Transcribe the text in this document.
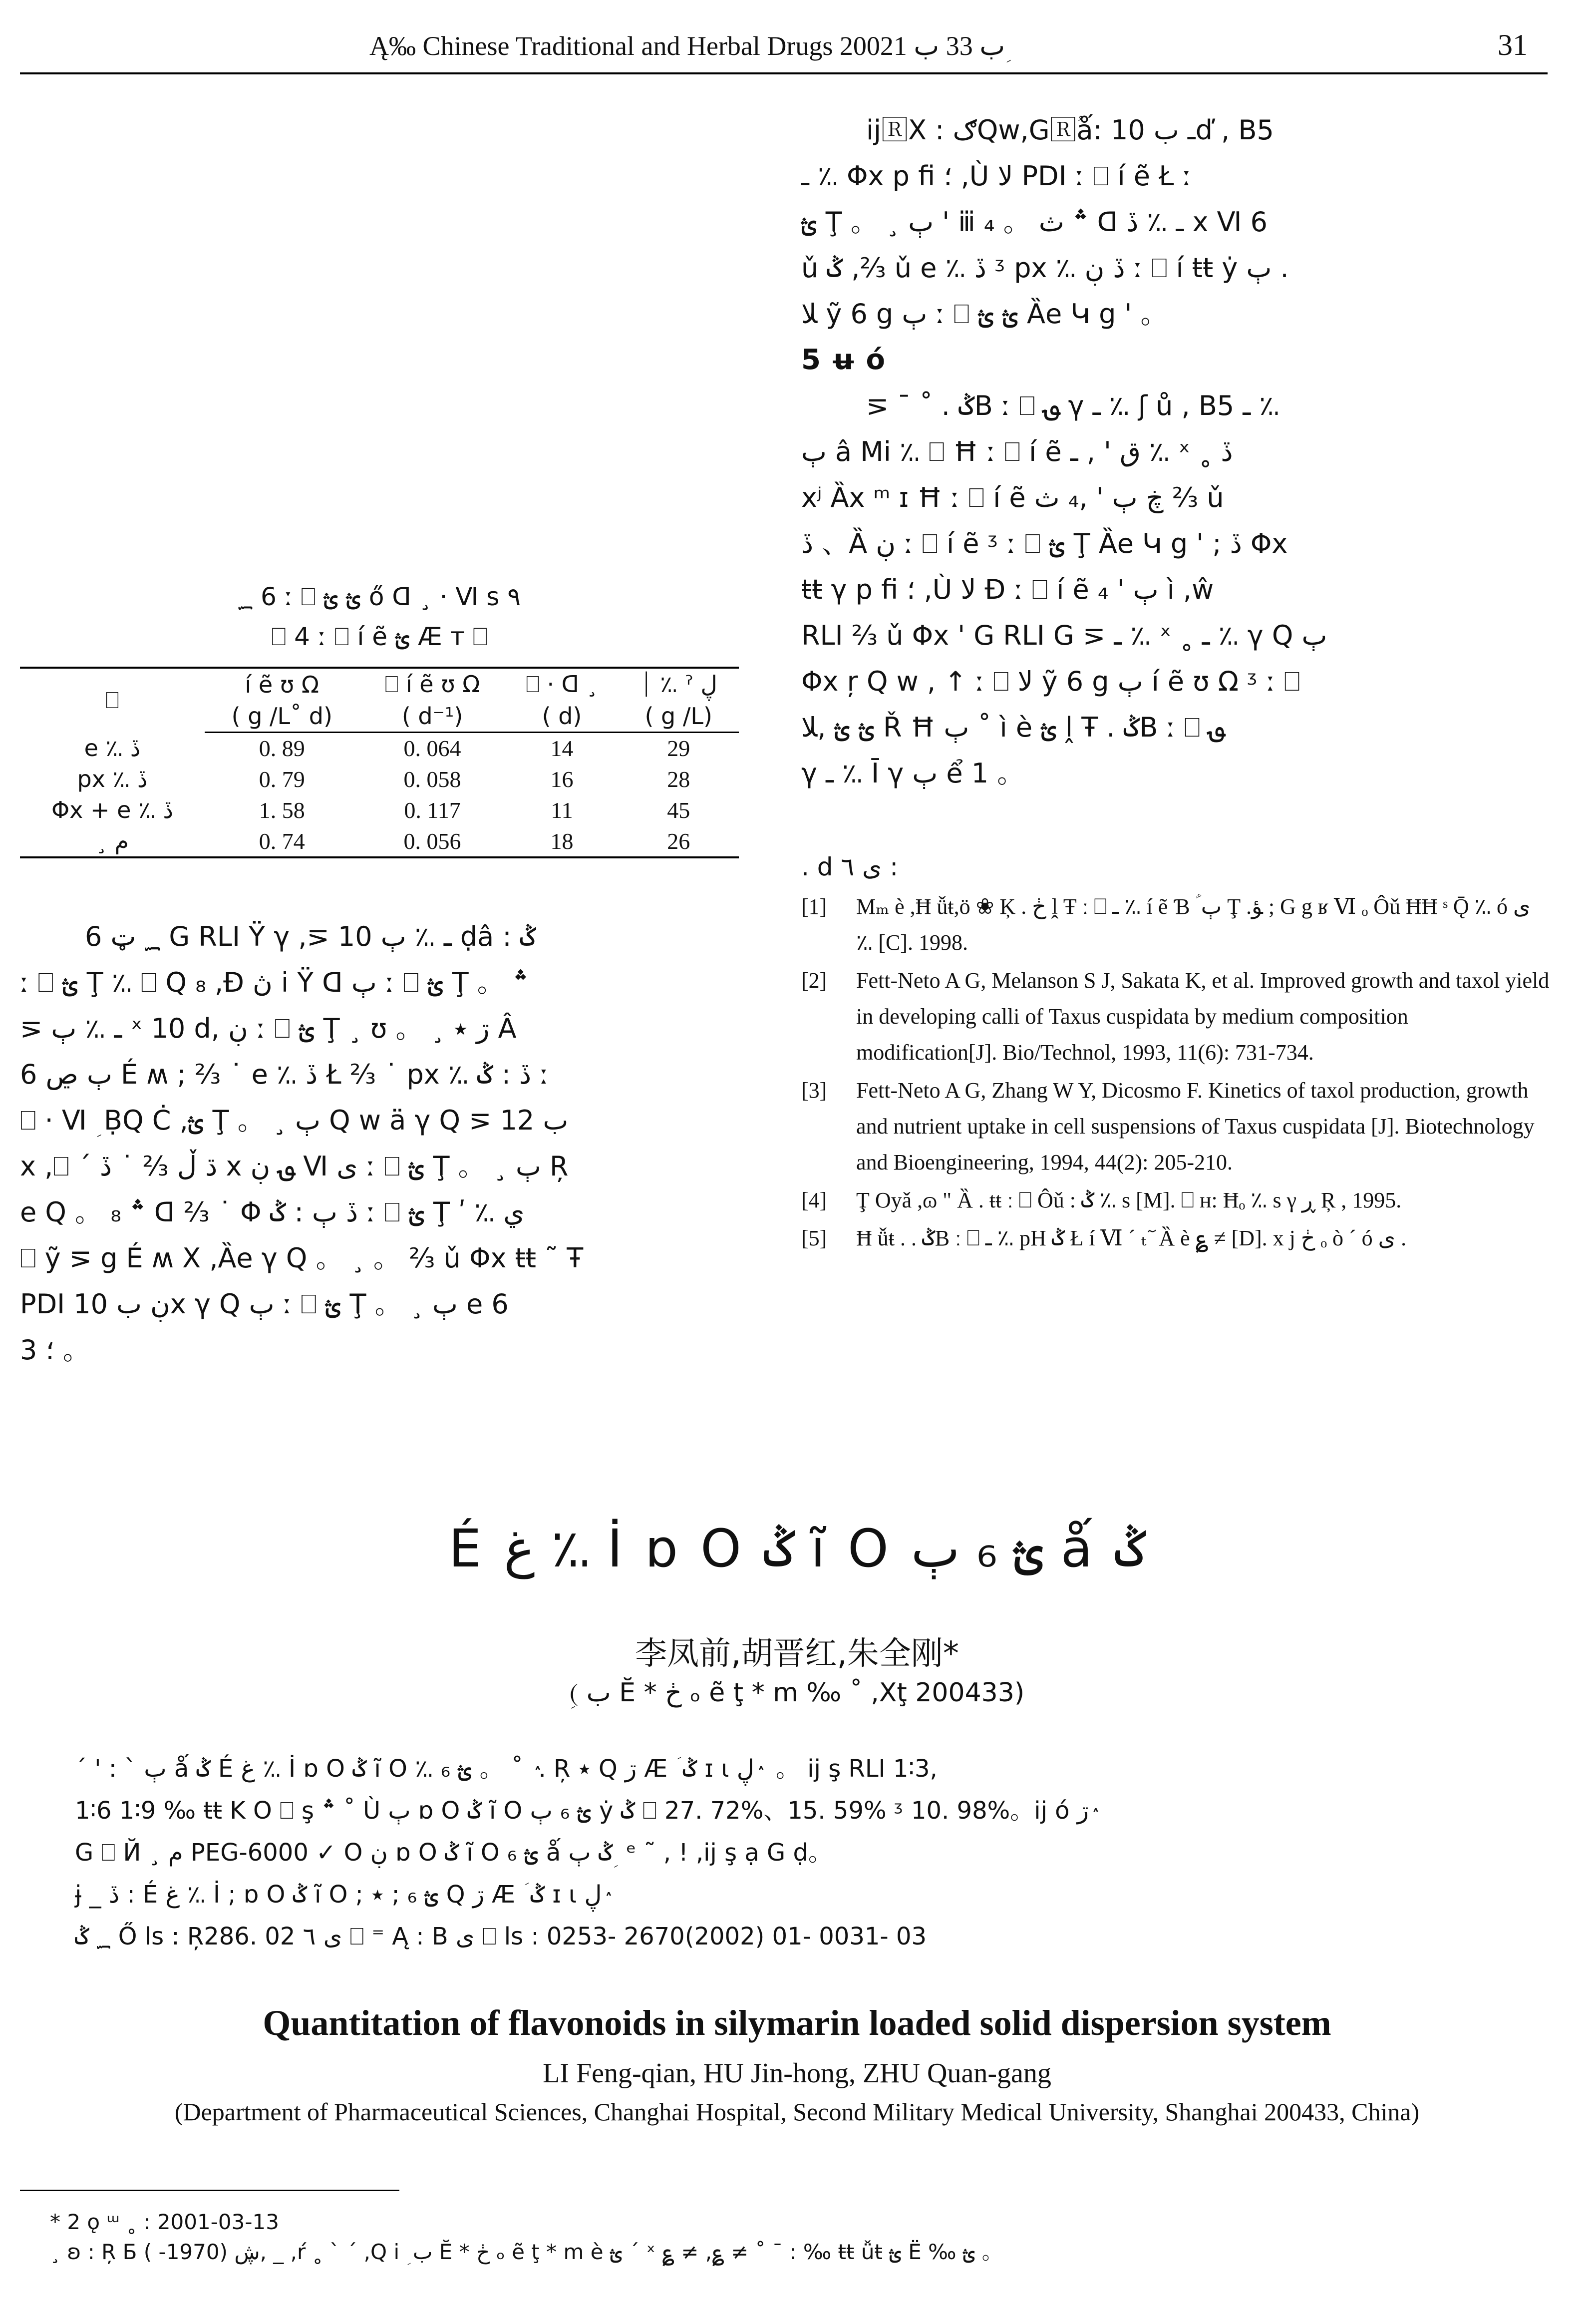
Ą‰ Chinese Traditional and Herbal Drugs 2002ب 33 ب 1 ؚ	31

ĳ🅁X : ګQw,G🅁ؙǻ: ـ ب 10ď , B5

ـ ؉ Φx p ﬁ ؛ ,Ù ﻻ PDI ː ⎕ í ẽ Ł ː

ؿ Ţ 。 ¸ ٻ ' ⅲ ₄ 。 ؞ ث ᗡ ـ ؉ ڏ x Ⅵ 6

ǔ ݣ ,⅔ ǔ e ؉ ڏ ᶾ px ؉ ڏ ڹ ː ⎕ í ŧŧ ẏ ٻ .

ﻼ ỹ 6 g ٻ ː ⎕ ؿ ؿ Ȁe Կ g ' 。

5 ʉ ó

⋝ ¯ ˚ . ݣB ː ⎕ ؈ γ ـ ؉ ʃ ů , B5 ـ ؉

ٻ â Mi ؉ ⎕ Ħ ː ⎕ í ẽ ق ' , ـ ؉ ˣ ˳ ڏ

xʲ Ȁx ᵐ ɪ Ħ ː ⎕ í ẽ ڿ ٻ ' ,₄ ث ⅔ ǔ

ڏ 、Ȁ ڹ ː ⎕ í ẽ ᶾ ː ⎕ ؿ Ţ Ȁe Կ g ' ; ڏ Φx

ŧŧ γ p ﬁ ؛ ,Ù ﻻ Đ ː ⎕ í ẽ ٻ ' ₄ ì ,ŵ

RLI ⅔ ǔ Φx ' G RLI G ⋝ ـ ؉ ˣ ˳ ـ ؉ γ Q ٻ

Φx ŗ Q w , ↑ ː ⎕ ﻻ ỹ 6 g ٻ í ẽ ʊ Ω ᶾ ː ⎕

ؿ ؿ ,ﻼ Ř Ħ ٻ ˚ ì è ؿ ḽ Ŧ . ݣB ː ⎕ ؈

γ ـ ؉ Ī γ ٻ ể 1 。

؁ 6 ː ⎕ ؿ ؿ ő ᗡ ¸ · Ⅵ s ٩
⎕ 4 ː ⎕ í ẽ ؿ Æ ᴛ ⎕
⎕	í ẽ ʊ Ω	⎕ í ẽ ʊ Ω	⎕ · ᗡ ¸	⏐ ؉ ˀ ڸ
	( g /L˚ d)	( d⁻¹)	( d)	( g /L)
e ؉ ڏ	0. 89	0. 064	14	29
px ؉ ڏ	0. 79	0. 058	16	28
Φx + e ؉ ڏ	1. 58	0. 117	11	45
¸ م	0. 74	0. 056	18	26

؁ ټ 6 G RLI Ÿ γ ,⋝ ـ ؉ ٻ 10 ḍâ : ݣ

ː ⎕ ؿ Ţ ؉ ⎕ Q ₈ ,Ɖ ڽ i Ÿ ᗡ ٻ ː ⎕ ؿ Ţ 。 ؞

⋝ ـ ؉ ٻ ˣ 10 d, ڹ ː ⎕ ؿ Ţ ¸ ʊ 。 ¸ ڗ ٭ Â

6 ٻ ڝ É ʍ ; ⅔ ˙ e ؉ ڏ Ł ⅔ ˙ px ؉ ڏ : ݣ ː

⎕ · Ⅵ ؚ ḄQ Ċ ,ؿ Ţ 。 ¸ ٻ Q w ä γ Q ⋝ ب 12

x ,⎕ ˊ ڌ ڵ ⅔ ˙ ڏ x ؈ ڹ Ⅵ ی ː ⎕ ؿ Ţ 。 ¸ ٻ Ŗ

e Q 。 ؞ ₈ ᗡ ⅔ ˙ Φ ڏ ٻ : ݣ ː ⎕ ؿ Ţ ʹ ؉ ي

⎕ ỹ ⋝ g É ʍ X ,Ȁe γ Q 。 ¸ 。 ⅔ ǔ Φx ŧŧ ˜ Ŧ

PDI ڹ ب 10x γ Q ٻ ː ⎕ ؿ Ţ 。 ¸ ٻ e 6

3 ؛ 。

. d ی ٦ :
[1]	Mₘ è ,Ħ ǚŧ,ö ❀ Ķ . ڂ ḽ Ŧ ː ⎕ ـ ؉ í ẽ Ɓ ؑ ٻ Ţ .ﺆ ; G g ʁ Ⅵ ₒ Ôǔ ĦĦ ˢ Ǭ ؉ ó ی ؉ [C]. 1998.
[2]	Fett-Neto A G, Melanson S J, Sakata K, et al. Improved growth and taxol yield in developing calli of Taxus cuspidata by medium composition modification[J]. Bio/Technol, 1993, 11(6): 731-734.
[3]	Fett-Neto A G, Zhang W Y, Dicosmo F. Kinetics of taxol production, growth and nutrient uptake in cell suspensions of Taxus cuspidata [J]. Biotechnology and Bioengineering, 1994, 44(2): 205-210.
[4]	Ţ Oyǎ ,ɷ " Ȁ . ŧŧ ː ⎕ Ôǔ : ݣ ؉ s [M]. ⎕ ʜ: Ħₒ ؉ s γ ڕ Ŗ , 1995.
[5]	Ħ ǚŧ . . ݣB ː ⎕ ـ ؉ pH ݣ Ł í Ⅵ ˊ ₜ ٓ Ȁ è ؏ ≠ [D]. x j ڂ ₒ ò ˊ ó ی .
É غ ؉ İ ɒ O ݣ ĩ O ؿ ₆ ٻ ǻ ݣ
李凤前,胡晋红,朱全刚*
(ؚ ب Ĕ * ڂ ₒ ẽ ţ * m ‰ ˚ ,Xţ 200433)

ˊ ' : ˋ ٻ ǻ ݣ É غ ؉ İ ɒ O ݣ ĩ O ؉ ؿ ₆ 。 ˚ ٛ . Ŗ ٭ Q ڗ Æ ؘ ݣ ɪ ɩ ڸ ٛ 。 ĳ ş RLI 1∶3,

1∶6 1∶9 ‰ ŧŧ K O ⎕ ş ؞ ˚ Ù ٻ ɒ O ݣ ĩ O ؿ ₆ ٻ ẏ ݣ ⎕ 27. 72%、15. 59% ᶾ 10. 98%。ĳ ó ڗ ٛ

G ⎕ Й ¸ م PEG-6000 ✓ O ڹ ɒ O ݣ ĩ O ؿ ₆ ǻ ݣ ٻ ؚ ᵉ ˜ , ! ,ĳ ş ạ G ḍ。

ɉ _ ڏ : É غ ؉ İ ; ɒ O ݣ ĩ O ; ؿ ₆ ; ٭ Q ڗ Æ ؘ ݣ ɪ ɩ ڸ ٛ

؁ ݣ Ő ls : Ŗ286. 02 ی ٦ ⎕ ⁼ Ą : B ی ⎕ ls : 0253- 2670(2002) 01- 0031- 03

Quantitation of flavonoids in silymarin loaded solid dispersion system
LI Feng-qian, HU Jin-hong, ZHU Quan-gang
(Department of Pharmaceutical Sciences, Changhai Hospital, Second Military Medical University, Shanghai 200433, China)

* 2 ǫ ᵚ ˳ : 2001-03-13

¸ ʚ : Ŗ Б ڜ (1970- ), _ ,ŕ ˳ ˋ ˊ ,Q i ؚ ب Ĕ * ڂ ₒ ẽ ţ * m è ؿ ˊ ˣ ؏ ≠ ,؏ ≠ ˚ ¯ : ‰ ŧŧ ǚŧ ؿ Ë ‰ ؿ 。
